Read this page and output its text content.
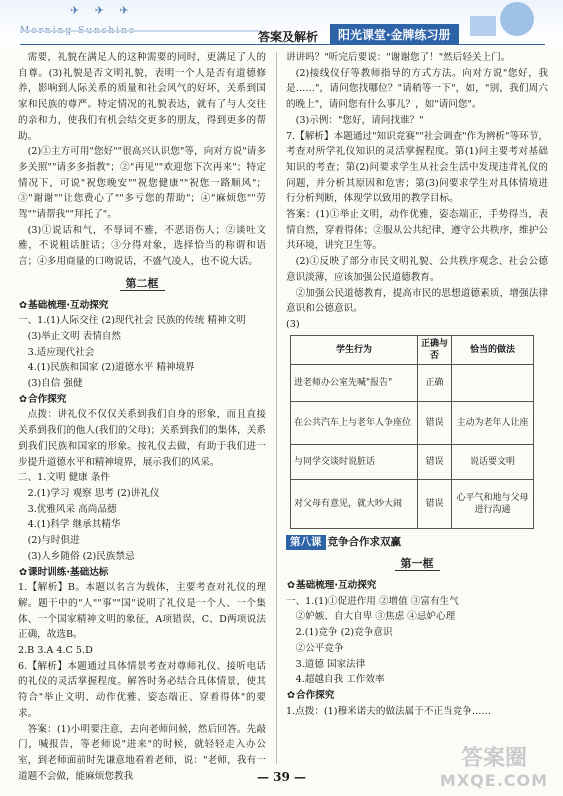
✈ ✈ ✈
答案及解析	阳光课堂·金牌练习册

需要，礼貌在满足人的这种需要的同时，更满足了人的自尊。(3)礼貌是否文明礼貌，表明一个人是否有道德修养，影响到人际关系的质量和社会风气的好坏，关系到国家和民族的尊严。特定情况的礼貌表达，就有了与人交往的亲和力，使我们有机会结交更多的朋友，得到更多的帮助。

(2)①主方可用"您好""很高兴认识您"等，向对方说"请多多关照""请多多指教"；②"再见""欢迎您下次再来"；特定情况下，可说"祝您晚安""祝您健康""祝您一路顺风"；③"谢谢""让您费心了""多亏您的帮助"；④"麻烦您""劳驾""请帮我""拜托了"。

(3)①说话和气，不辱词不雅，不恶语伤人；②谈吐文雅，不说粗话脏话；③分得对象，选择恰当的称谓和语言；④多用商量的口吻说话，不盛气凌人，也不说大话。

第二框
✿基础梳理·互动探究

一、1.(1)人际交往 (2)现代社会 民族的传统 精神文明

(3)举止文明 表情自然

3.适应现代社会

4.(1)民族和国家 (2)道德水平 精神境界

(3)自信 强健

✿合作探究

点拨：讲礼仪不仅仅关系到我们自身的形象，而且直接关系到我们的他人(我们的父母)；关系到我们的集体，关系到我们民族和国家的形象。按礼仪去做，有助于我们进一步提升道德水平和精神境界，展示我们的风采。

二、1.文明 健康 条件

2.(1)学习 观察 思考 (2)讲礼仪

3.优雅风采 高尚品德

4.(1)科学 继承其精华

(2)与时俱进

(3)人乡随俗 (2)民族禁忌

✿课时训练·基础达标

1.【解析】B。本题以名言为载体，主要考查对礼仪的理解。题干中的"人""事""国"说明了礼仪是一个人、一个集体、一个国家精神文明的象征，A项错误，C、D两项说法正确，故选B。

2.B 3.A 4.C 5.D

6.【解析】本题通过具体情景考查对尊师礼仪、接听电话的礼仪的灵活掌握程度。解答时务必结合具体情景，使其符合"举止文明、动作优雅、姿态端正、穿着得体"的要求。

答案：(1)小明要注意，去向老师问候，然后回答。先敲门，喊报告，等老师说"进来"的时候，就轻轻走入办公室，到老师面前时先谦意地看着老师，说："老师，我有一道题不会做，能麻烦您教我

讲讲吗？"听完后要说："谢谢您了！"然后轻关上门。

(2)接线仪仔等教师指导的方式方法。向对方说"您好，我是……"，请问您找哪位？"请稍等一下"，如，"别，我们周六的晚上"，请问您有什么事儿？，如"请问您"。

(3)示例："您好，请问找谁？"

7.【解析】本题通过"知识竞赛""社会调查"作为辨析"等环节，考查对所学礼仪知识的灵活掌握程度。第(1)问主要考对基础知识的考查；第(2)问要求学生从社会生活中发现违背礼仪的问题，并分析其原因和危害；第(3)问要求学生对具体情境进行分析判断，体现学以致用的教学目标。

答案：(1)①举止文明，动作优雅，姿态端正，手势得当，表情自然，穿着得体；②服从公共纪律，遵守公共秩序，维护公共环境，讲究卫生等。

(2)①反映了部分市民文明礼貌、公共秩序观念、社会公德意识淡薄，应该加强公民道德教育。

②加强公民道德教育，提高市民的思想道德素质，增强法律意识和公德意识。

(3)

学生行为	正确与否	恰当的做法
进老师办公室先喊"报告"	正确	
在公共汽车上与老年人争座位	错误	主动为老年人让座
与同学交谈时说脏话	错误	说话要文明
对父母有意见，就大吵大闹	错误	心平气和地与父母进行沟通
第八课 竞争合作求双赢
第一框
✿基础梳理·互动探究

一、1.(1)①促进作用 ②增值 ③富有生气

②妒嫉、自大自卑 ③焦虑 ④忌妒心理

2.(1)竞争 (2)竞争意识

②公平竞争

3.道德 国家法律

4.超越自我 工作效率

✿合作探究

1.点拨：(1)穆米诺夫的做法属于不正当竞争……

— 39 —
答案圈
MXQE.COM
